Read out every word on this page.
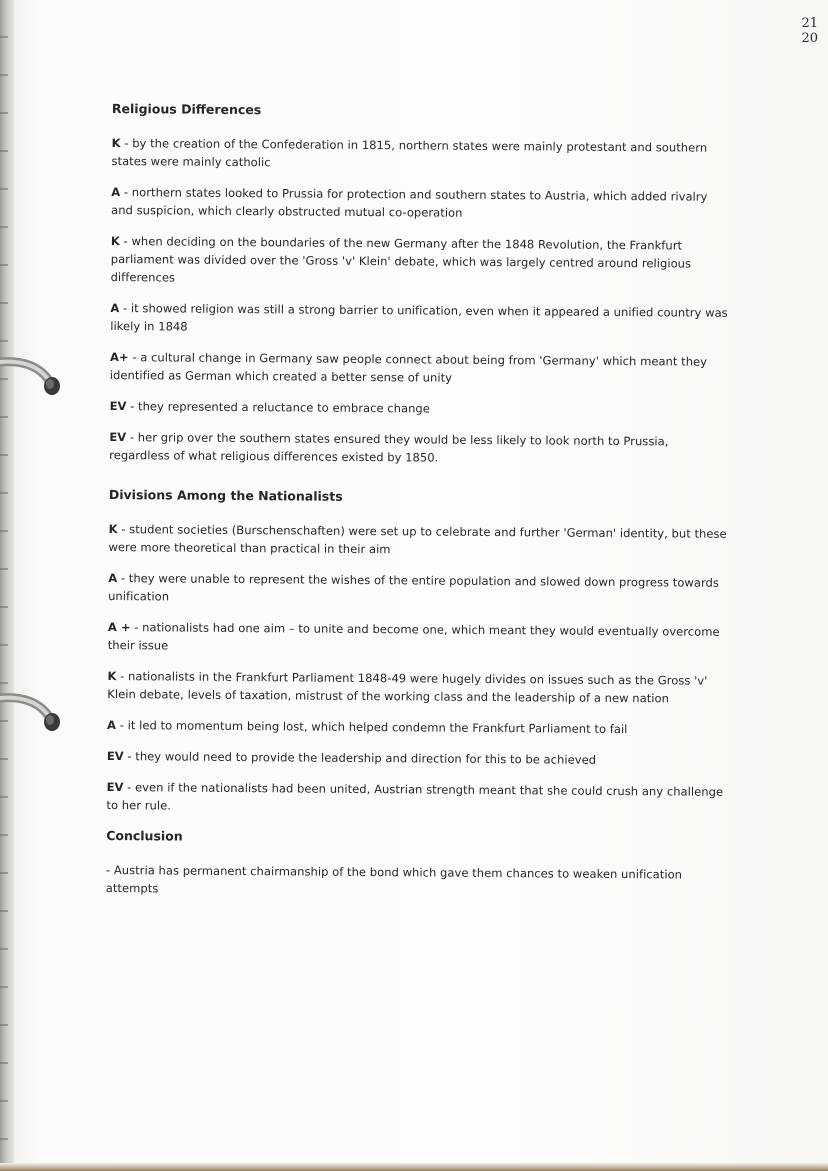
21
20
Religious Differences

K - by the creation of the Confederation in 1815, northern states were mainly protestant and southern states were mainly catholic

A - northern states looked to Prussia for protection and southern states to Austria, which added rivalry and suspicion, which clearly obstructed mutual co-operation

K - when deciding on the boundaries of the new Germany after the 1848 Revolution, the Frankfurt parliament was divided over the 'Gross 'v' Klein' debate, which was largely centred around religious differences

A - it showed religion was still a strong barrier to unification, even when it appeared a unified country was likely in 1848

A+ - a cultural change in Germany saw people connect about being from 'Germany' which meant they identified as German which created a better sense of unity

EV - they represented a reluctance to embrace change

EV - her grip over the southern states ensured they would be less likely to look north to Prussia, regardless of what religious differences existed by 1850.

Divisions Among the Nationalists

K - student societies (Burschenschaften) were set up to celebrate and further 'German' identity, but these were more theoretical than practical in their aim

A - they were unable to represent the wishes of the entire population and slowed down progress towards unification

A + - nationalists had one aim – to unite and become one, which meant they would eventually overcome their issue

K - nationalists in the Frankfurt Parliament 1848-49 were hugely divides on issues such as the Gross 'v' Klein debate, levels of taxation, mistrust of the working class and the leadership of a new nation

A - it led to momentum being lost, which helped condemn the Frankfurt Parliament to fail

EV - they would need to provide the leadership and direction for this to be achieved

EV - even if the nationalists had been united, Austrian strength meant that she could crush any challenge to her rule.

Conclusion

- Austria has permanent chairmanship of the bond which gave them chances to weaken unification attempts
